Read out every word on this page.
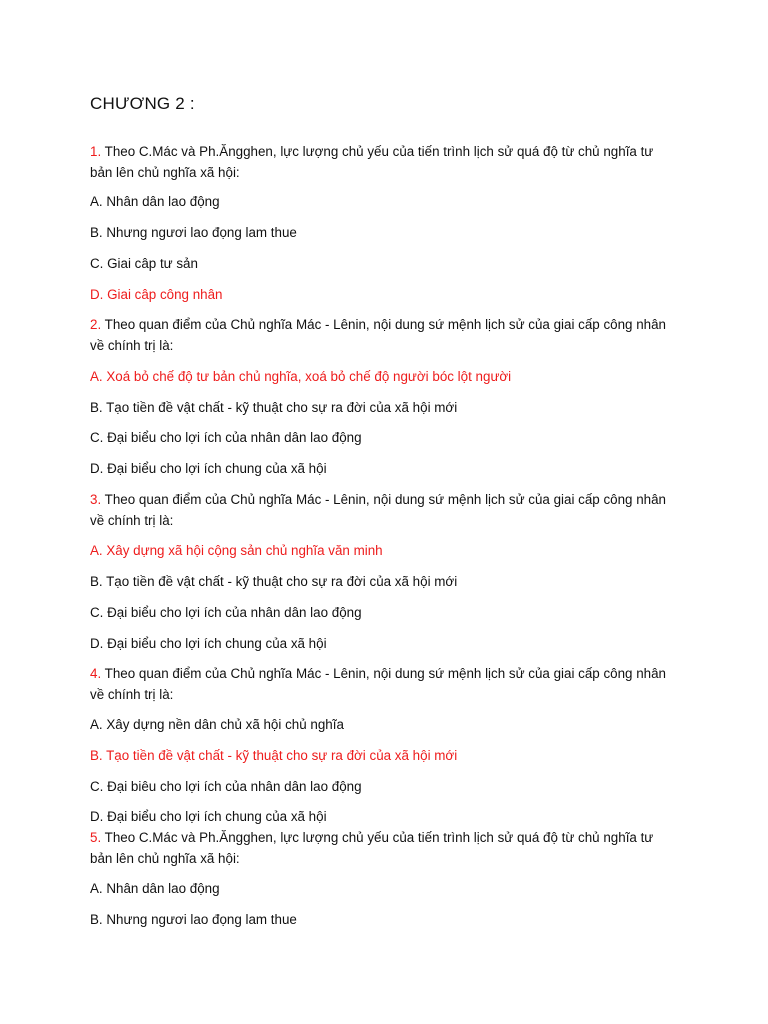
CHƯƠNG 2 :

1. Theo C.Mác và Ph.Ăngghen, lực lượng chủ yếu của tiến trình lịch sử quá độ từ chủ nghĩa tư

bản lên chủ nghĩa xã hội:

A. Nhân dân lao động

B. Nhưng ngươi lao đọng lam thue

C. Giai câp tư sản

D. Giai câp công nhân

2. Theo quan điểm của Chủ nghĩa Mác - Lênin, nội dung sứ mệnh lịch sử của giai cấp công nhân

về chính trị là:

A. Xoá bỏ chế độ tư bản chủ nghĩa, xoá bỏ chế độ người bóc lột người

B. Tạo tiền đề vật chất - kỹ thuật cho sự ra đời của xã hội mới

C. Đại biểu cho lợi ích của nhân dân lao động

D. Đại biểu cho lợi ích chung của xã hội

3. Theo quan điểm của Chủ nghĩa Mác - Lênin, nội dung sứ mệnh lịch sử của giai cấp công nhân

về chính trị là:

A. Xây dựng xã hội cộng sản chủ nghĩa văn minh

B. Tạo tiền đề vật chất - kỹ thuật cho sự ra đời của xã hội mới

C. Đại biểu cho lợi ích của nhân dân lao động

D. Đại biểu cho lợi ích chung của xã hội

4. Theo quan điểm của Chủ nghĩa Mác - Lênin, nội dung sứ mệnh lịch sử của giai cấp công nhân

về chính trị là:

A. Xây dựng nền dân chủ xã hội chủ nghĩa

B. Tạo tiền đề vật chất - kỹ thuật cho sự ra đời của xã hội mới

C. Đại biêu cho lợi ích của nhân dân lao động

D. Đại biểu cho lợi ích chung của xã hội

5. Theo C.Mác và Ph.Ăngghen, lực lượng chủ yếu của tiến trình lịch sử quá độ từ chủ nghĩa tư

bản lên chủ nghĩa xã hội:

A. Nhân dân lao động

B. Nhưng ngươi lao đọng lam thue
